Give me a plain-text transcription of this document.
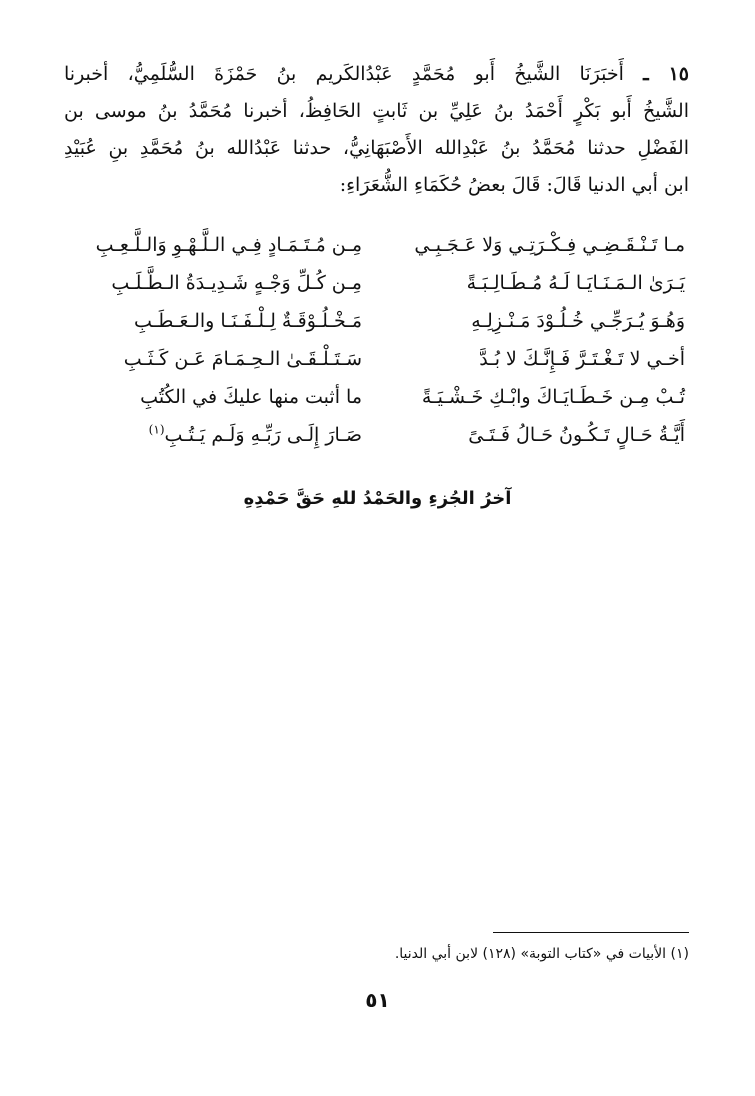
١٥ ـ أَخبَرَنَا الشَّيخُ أَبو مُحَمَّدٍ عَبْدُالكَريم بنُ حَمْزَةَ السُّلَمِيُّ، أخبرنا
الشَّيخُ أَبو بَكْرٍ أَحْمَدُ بنُ عَلِيِّ بن ثَابتٍ الحَافِظُ، أخبرنا مُحَمَّدُ بنُ موسى بن
الفَضْلِ حدثنا مُحَمَّدُ بنُ عَبْدِالله الأَصْبَهَانِيُّ، حدثنا عَبْدُالله بنُ مُحَمَّدِ بنِ عُبَيْدِ
ابن أبي الدنيا قَالَ: قَالَ بعضُ حُكَمَاءِ الشُّعَرَاءِ:
مـا تَـنْـقَـضِـي فِـكْـرَتِـي وَلا عَـجَـبِـي
مِـن مُـتَـمَـادٍ فِـي الـلَّـهْـوِ وَالـلَّـعِـبِ
يَـرَىٰ الـمَـنَـايَـا لَـهُ مُـطَـالِـبَـةً
مِـن كُـلِّ وَجْـهٍ شَـدِيـدَةُ الـطَّـلَـبِ
وَهُـوَ يُـرَجِّـي خُـلُـوْدَ مَـنْـزِلِـهِ
مَـخْـلُـوْقَـةٌ لِـلْـفَـنَـا والـعَـطَـبِ
أخـي لا تَـغْـتَـرَّ فَـإِنَّـكَ لا بُـدَّ
سَـتَـلْـقَـىٰ الـحِـمَـامَ عَـن كَـثَـبِ
تُـبْ مِـن خَـطَـايَـاكَ وابْـكِ خَـشْـيَـةً
ما أثبت منها عليكَ في الكُتُبِ
أَيَّـةُ حَـالٍ تَـكُـونُ حَـالُ فَـتَـىً
صَـارَ إِلَـى رَبِّـهِ وَلَـم يَـتُـبِ$^{(١)}$
آخرُ الجُزءِ والحَمْدُ للهِ حَقَّ حَمْدِهِ
(١) الأبيات في «كتاب التوبة» (١٢٨) لابن أبي الدنيا.
٥١
